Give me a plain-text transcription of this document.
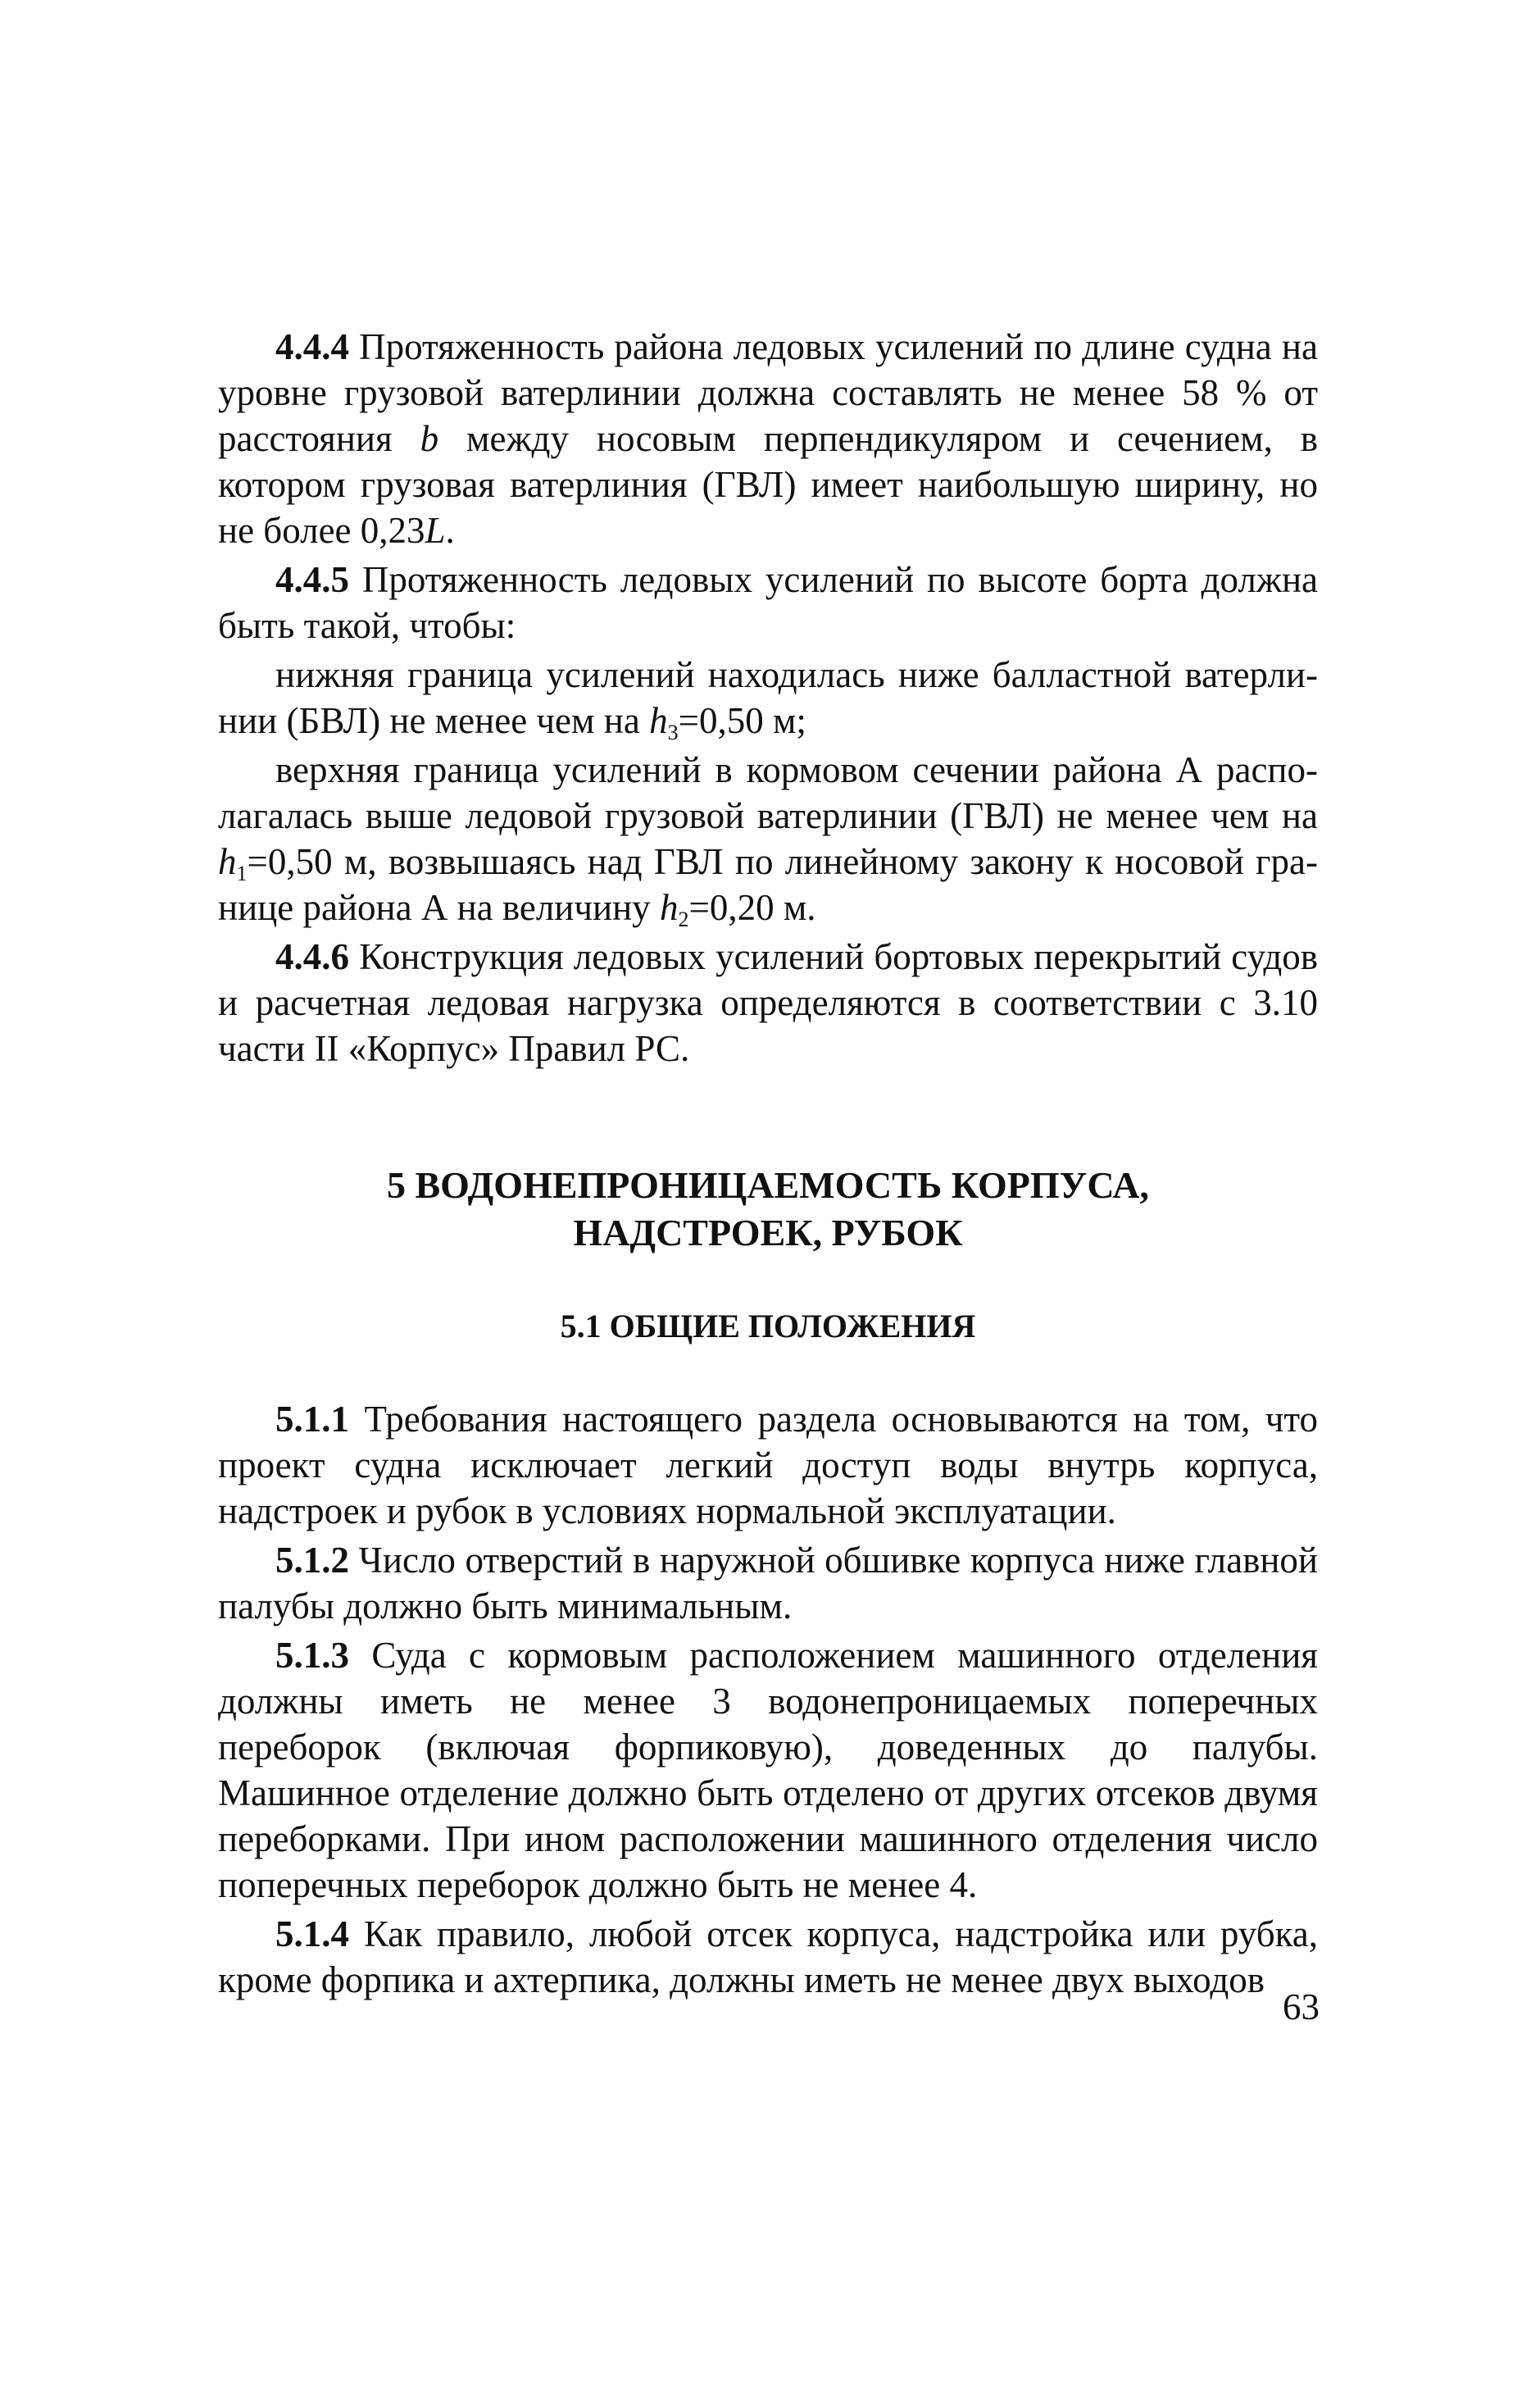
4.4.4 Протяженность района ледовых усилений по длине судна на уровне грузовой ватерлинии должна составлять не менее 58 % от расстояния b между носовым перпендикуляром и сечением, в котором грузовая ватерлиния (ГВЛ) имеет наибольшую ширину, но не более 0,23L.

4.4.5 Протяженность ледовых усилений по высоте борта должна быть такой, чтобы:

нижняя граница усилений находилась ниже балластной ватерлинии (БВЛ) не менее чем на $h_3=0,50$ м;

верхняя граница усилений в кормовом сечении района А располагалась выше ледовой грузовой ватерлинии (ГВЛ) не менее чем на $h_1=0,50$ м, возвышаясь над ГВЛ по линейному закону к носовой границе района А на величину $h_2=0,20$ м.

4.4.6 Конструкция ледовых усилений бортовых перекрытий судов и расчетная ледовая нагрузка определяются в соответствии с 3.10 части II «Корпус» Правил РС.

5 ВОДОНЕПРОНИЦАЕМОСТЬ КОРПУСА,
НАДСТРОЕК, РУБОК
5.1 ОБЩИЕ ПОЛОЖЕНИЯ

5.1.1 Требования настоящего раздела основываются на том, что проект судна исключает легкий доступ воды внутрь корпуса, надстроек и рубок в условиях нормальной эксплуатации.

5.1.2 Число отверстий в наружной обшивке корпуса ниже главной палубы должно быть минимальным.

5.1.3 Суда с кормовым расположением машинного отделения должны иметь не менее 3 водонепроницаемых поперечных переборок (включая форпиковую), доведенных до палубы. Машинное отделение должно быть отделено от других отсеков двумя переборками. При ином расположении машинного отделения число поперечных переборок должно быть не менее 4.

5.1.4 Как правило, любой отсек корпуса, надстройка или рубка, кроме форпика и ахтерпика, должны иметь не менее двух выходов

63
